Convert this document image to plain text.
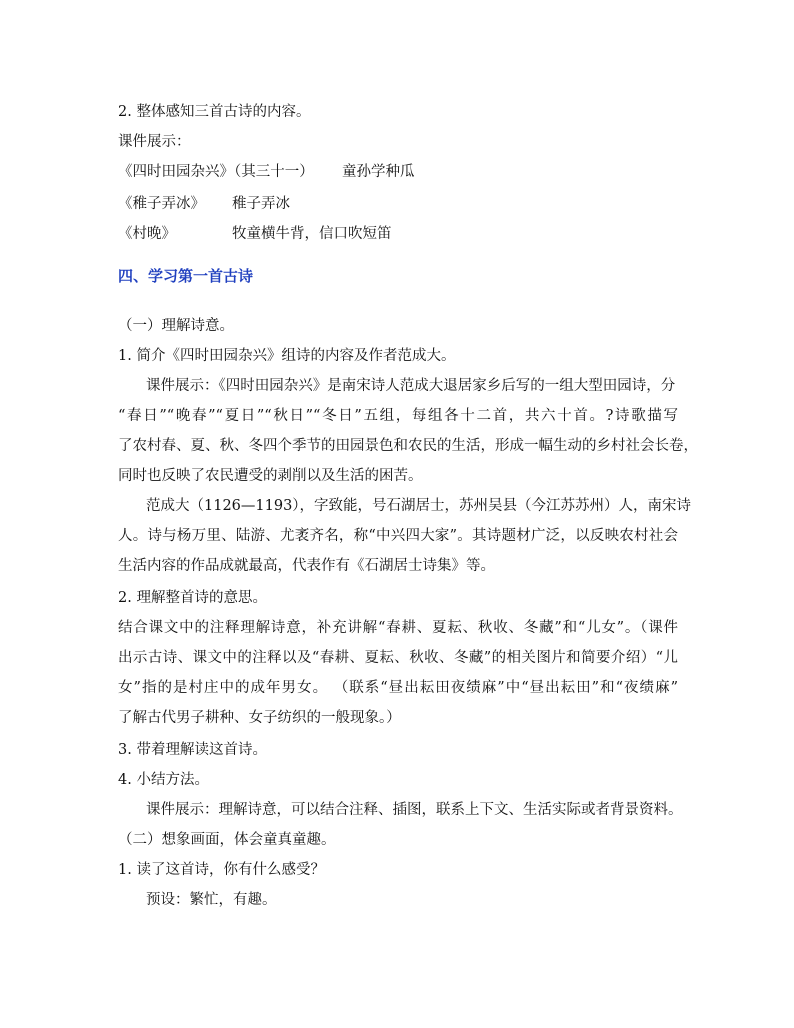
2. 整体感知三首古诗的内容。
课件展示：
《四时田园杂兴》（其三十一） 童孙学种瓜
《稚子弄冰》 稚子弄冰
《村晚》	牧童横牛背，信口吹短笛
四、学习第一首古诗
（一）理解诗意。
1. 简介《四时田园杂兴》组诗的内容及作者范成大。
课件展示：《四时田园杂兴》是南宋诗人范成大退居家乡后写的一组大型田园诗，分
“春日”“晚春”“夏日”“秋日”“冬日”五组，每组各十二首，共六十首。?诗歌描写
了农村春、夏、秋、冬四个季节的田园景色和农民的生活，形成一幅生动的乡村社会长卷，
同时也反映了农民遭受的剥削以及生活的困苦。
范成大（1126—1193），字致能，号石湖居士，苏州吴县（今江苏苏州）人，南宋诗
人。诗与杨万里、陆游、尤袤齐名，称“中兴四大家”。其诗题材广泛，以反映农村社会
生活内容的作品成就最高，代表作有《石湖居士诗集》等。
2. 理解整首诗的意思。
结合课文中的注释理解诗意，补充讲解“春耕、夏耘、秋收、冬藏”和“儿女”。（课件
出示古诗、课文中的注释以及“春耕、夏耘、秋收、冬藏”的相关图片和简要介绍）“儿
女”指的是村庄中的成年男女。 （联系“昼出耘田夜绩麻”中“昼出耘田”和“夜绩麻”
了解古代男子耕种、女子纺织的一般现象。）
3. 带着理解读这首诗。
4. 小结方法。
课件展示：理解诗意，可以结合注释、插图，联系上下文、生活实际或者背景资料。
（二）想象画面，体会童真童趣。
1. 读了这首诗，你有什么感受？
预设：繁忙，有趣。
